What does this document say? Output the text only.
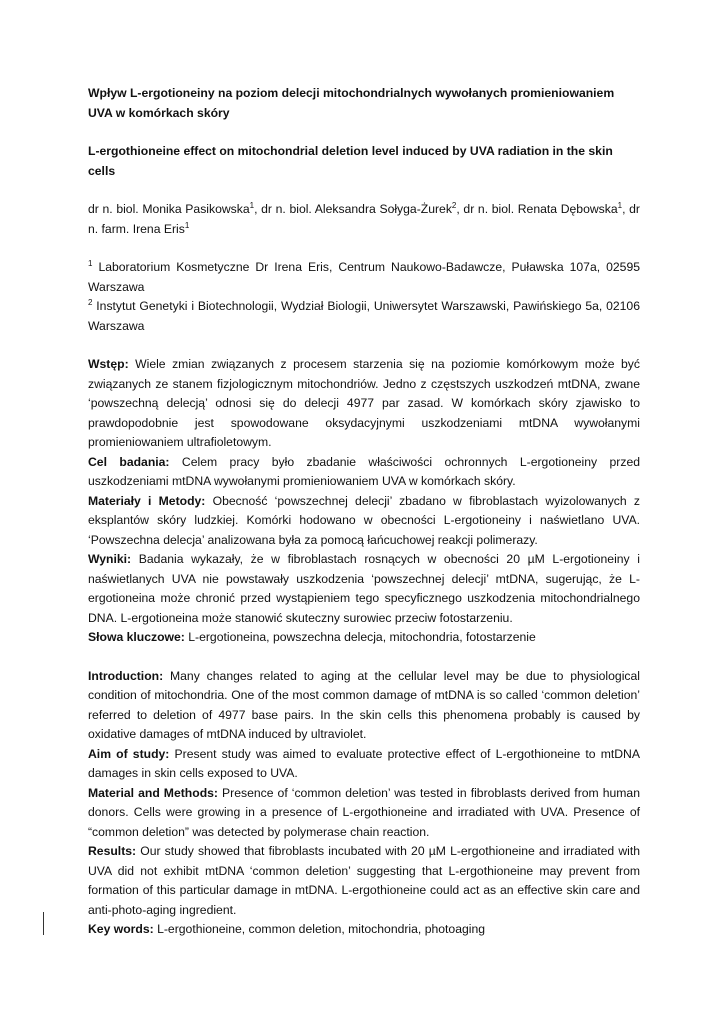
Wpływ L-ergotioneiny na poziom delecji mitochondrialnych wywołanych promieniowaniem UVA w komórkach skóry

L-ergothioneine effect on mitochondrial deletion level induced by UVA radiation in the skin cells

dr n. biol. Monika Pasikowska$^1$, dr n. biol. Aleksandra Sołyga-Żurek$^2$, dr n. biol. Renata Dębowska$^1$, dr n. farm. Irena Eris$^1$

$^1$ Laboratorium Kosmetyczne Dr Irena Eris, Centrum Naukowo-Badawcze, Puławska 107a, 02595 Warszawa

$^2$ Instytut Genetyki i Biotechnologii, Wydział Biologii, Uniwersytet Warszawski, Pawińskiego 5a, 02106 Warszawa

Wstęp: Wiele zmian związanych z procesem starzenia się na poziomie komórkowym może być związanych ze stanem fizjologicznym mitochondriów. Jedno z częstszych uszkodzeń mtDNA, zwane ‘powszechną delecją’ odnosi się do delecji 4977 par zasad. W komórkach skóry zjawisko to prawdopodobnie jest spowodowane oksydacyjnymi uszkodzeniami mtDNA wywołanymi promieniowaniem ultrafioletowym.

Cel badania: Celem pracy było zbadanie właściwości ochronnych L-ergotioneiny przed uszkodzeniami mtDNA wywołanymi promieniowaniem UVA w komórkach skóry.

Materiały i Metody: Obecność ‘powszechnej delecji’ zbadano w fibroblastach wyizolowanych z eksplantów skóry ludzkiej. Komórki hodowano w obecności L-ergotioneiny i naświetlano UVA. ‘Powszechna delecja’ analizowana była za pomocą łańcuchowej reakcji polimerazy.

Wyniki: Badania wykazały, że w fibroblastach rosnących w obecności 20 µM L-ergotioneiny i naświetlanych UVA nie powstawały uszkodzenia ‘powszechnej delecji’ mtDNA, sugerując, że L-ergotioneina może chronić przed wystąpieniem tego specyficznego uszkodzenia mitochondrialnego DNA. L-ergotioneina może stanowić skuteczny surowiec przeciw fotostarzeniu.

Słowa kluczowe: L-ergotioneina, powszechna delecja, mitochondria, fotostarzenie

Introduction: Many changes related to aging at the cellular level may be due to physiological condition of mitochondria. One of the most common damage of mtDNA is so called ‘common deletion’ referred to deletion of 4977 base pairs. In the skin cells this phenomena probably is caused by oxidative damages of mtDNA induced by ultraviolet.

Aim of study: Present study was aimed to evaluate protective effect of L-ergothioneine to mtDNA damages in skin cells exposed to UVA.

Material and Methods: Presence of ‘common deletion’ was tested in fibroblasts derived from human donors. Cells were growing in a presence of L-ergothioneine and irradiated with UVA. Presence of “common deletion” was detected by polymerase chain reaction.

Results: Our study showed that fibroblasts incubated with 20 µM L-ergothioneine and irradiated with UVA did not exhibit mtDNA ‘common deletion’ suggesting that L-ergothioneine may prevent from formation of this particular damage in mtDNA. L-ergothioneine could act as an effective skin care and anti-photo-aging ingredient.

Key words: L-ergothioneine, common deletion, mitochondria, photoaging
